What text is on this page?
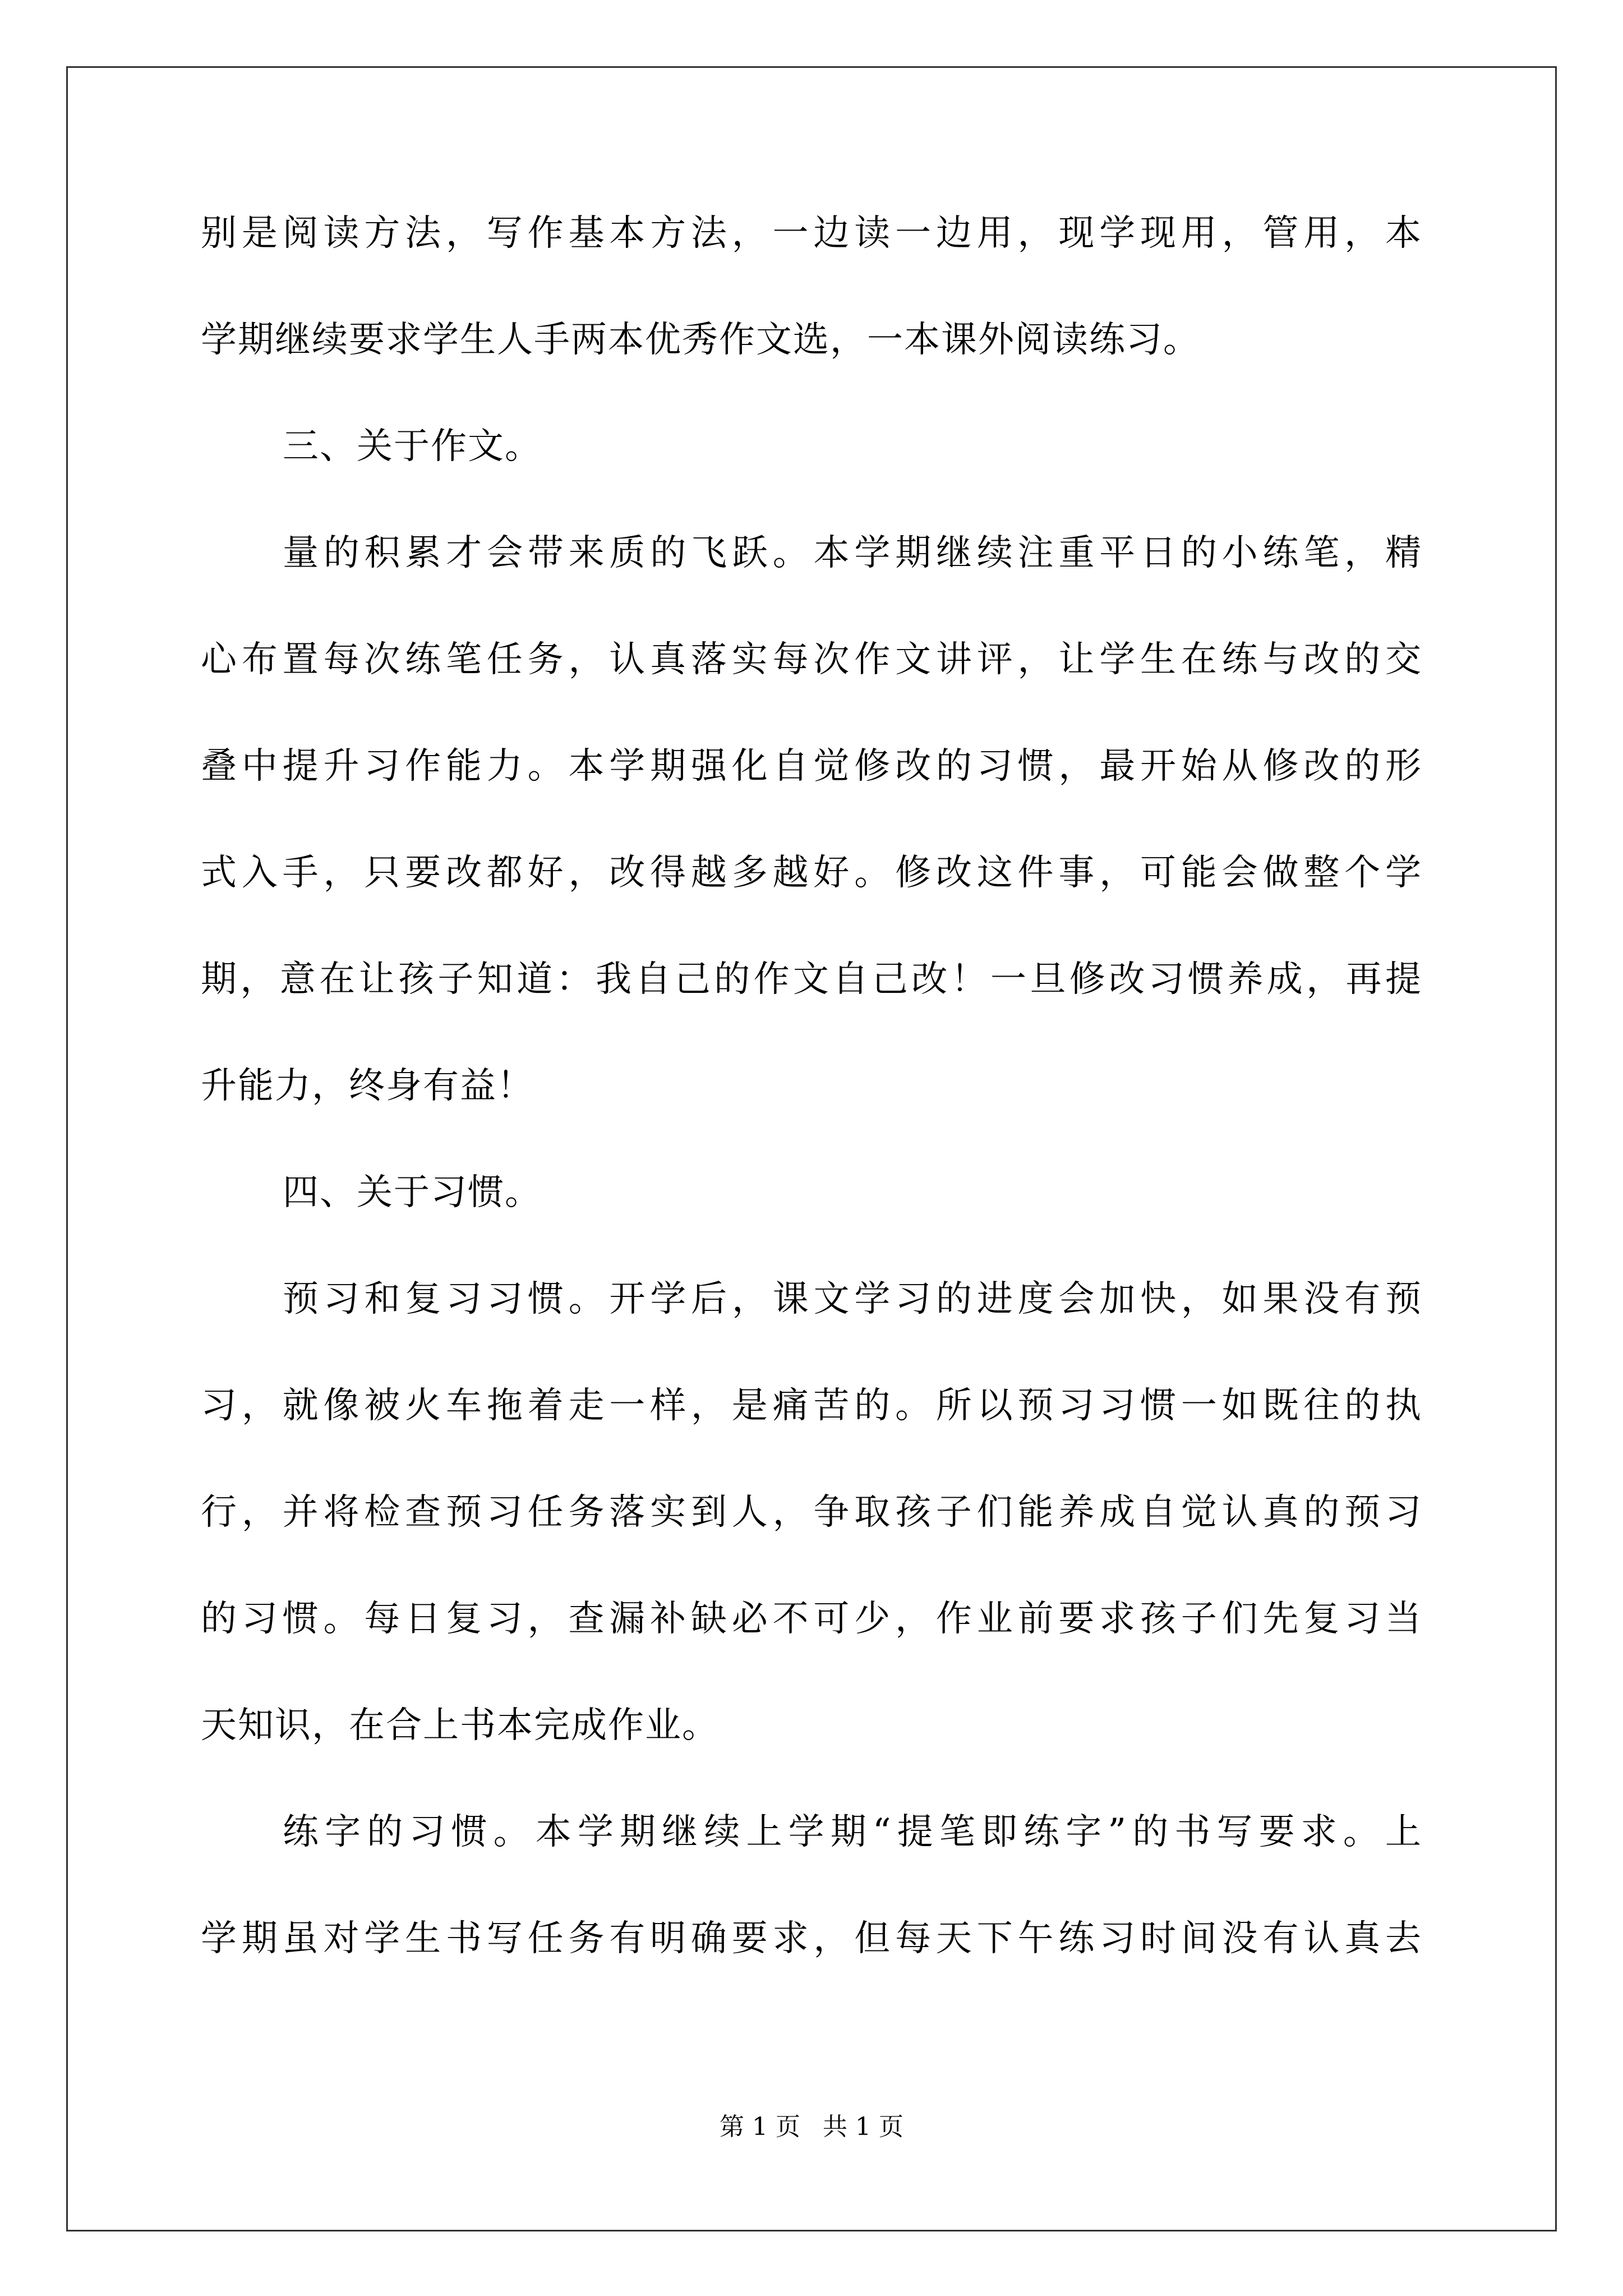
别是阅读方法，写作基本方法，一边读一边用，现学现用，管用，本
学期继续要求学生人手两本优秀作文选，一本课外阅读练习。
三、关于作文。
量的积累才会带来质的飞跃。本学期继续注重平日的小练笔，精
心布置每次练笔任务，认真落实每次作文讲评，让学生在练与改的交
叠中提升习作能力。本学期强化自觉修改的习惯，最开始从修改的形
式入手，只要改都好，改得越多越好。修改这件事，可能会做整个学
期，意在让孩子知道：我自己的作文自己改！一旦修改习惯养成，再提
升能力，终身有益！
四、关于习惯。
预习和复习习惯。开学后，课文学习的进度会加快，如果没有预
习，就像被火车拖着走一样，是痛苦的。所以预习习惯一如既往的执
行，并将检查预习任务落实到人，争取孩子们能养成自觉认真的预习
的习惯。每日复习，查漏补缺必不可少，作业前要求孩子们先复习当
天知识，在合上书本完成作业。
练字的习惯。本学期继续上学期“提笔即练字”的书写要求。上
学期虽对学生书写任务有明确要求，但每天下午练习时间没有认真去
第 1 页 共 1 页
